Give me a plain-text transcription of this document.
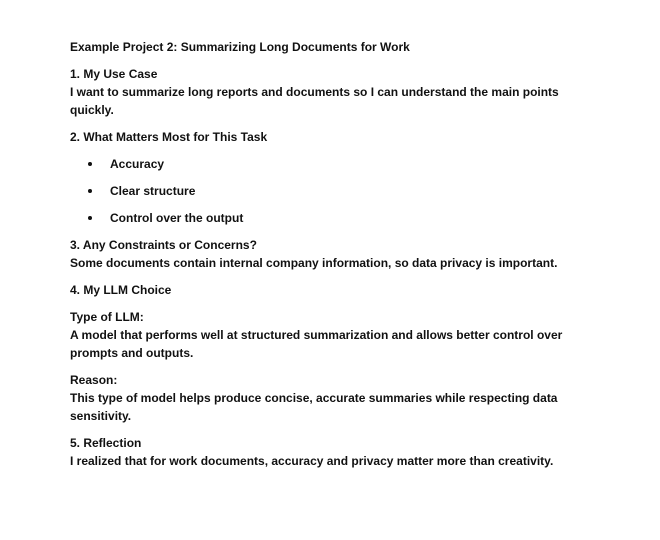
Example Project 2: Summarizing Long Documents for Work

1. My Use Case

I want to summarize long reports and documents so I can understand the main points quickly.

2. What Matters Most for This Task

Accuracy
Clear structure
Control over the output

3. Any Constraints or Concerns?

Some documents contain internal company information, so data privacy is important.

4. My LLM Choice

Type of LLM:

A model that performs well at structured summarization and allows better control over prompts and outputs.

Reason:

This type of model helps produce concise, accurate summaries while respecting data sensitivity.

5. Reflection

I realized that for work documents, accuracy and privacy matter more than creativity.
